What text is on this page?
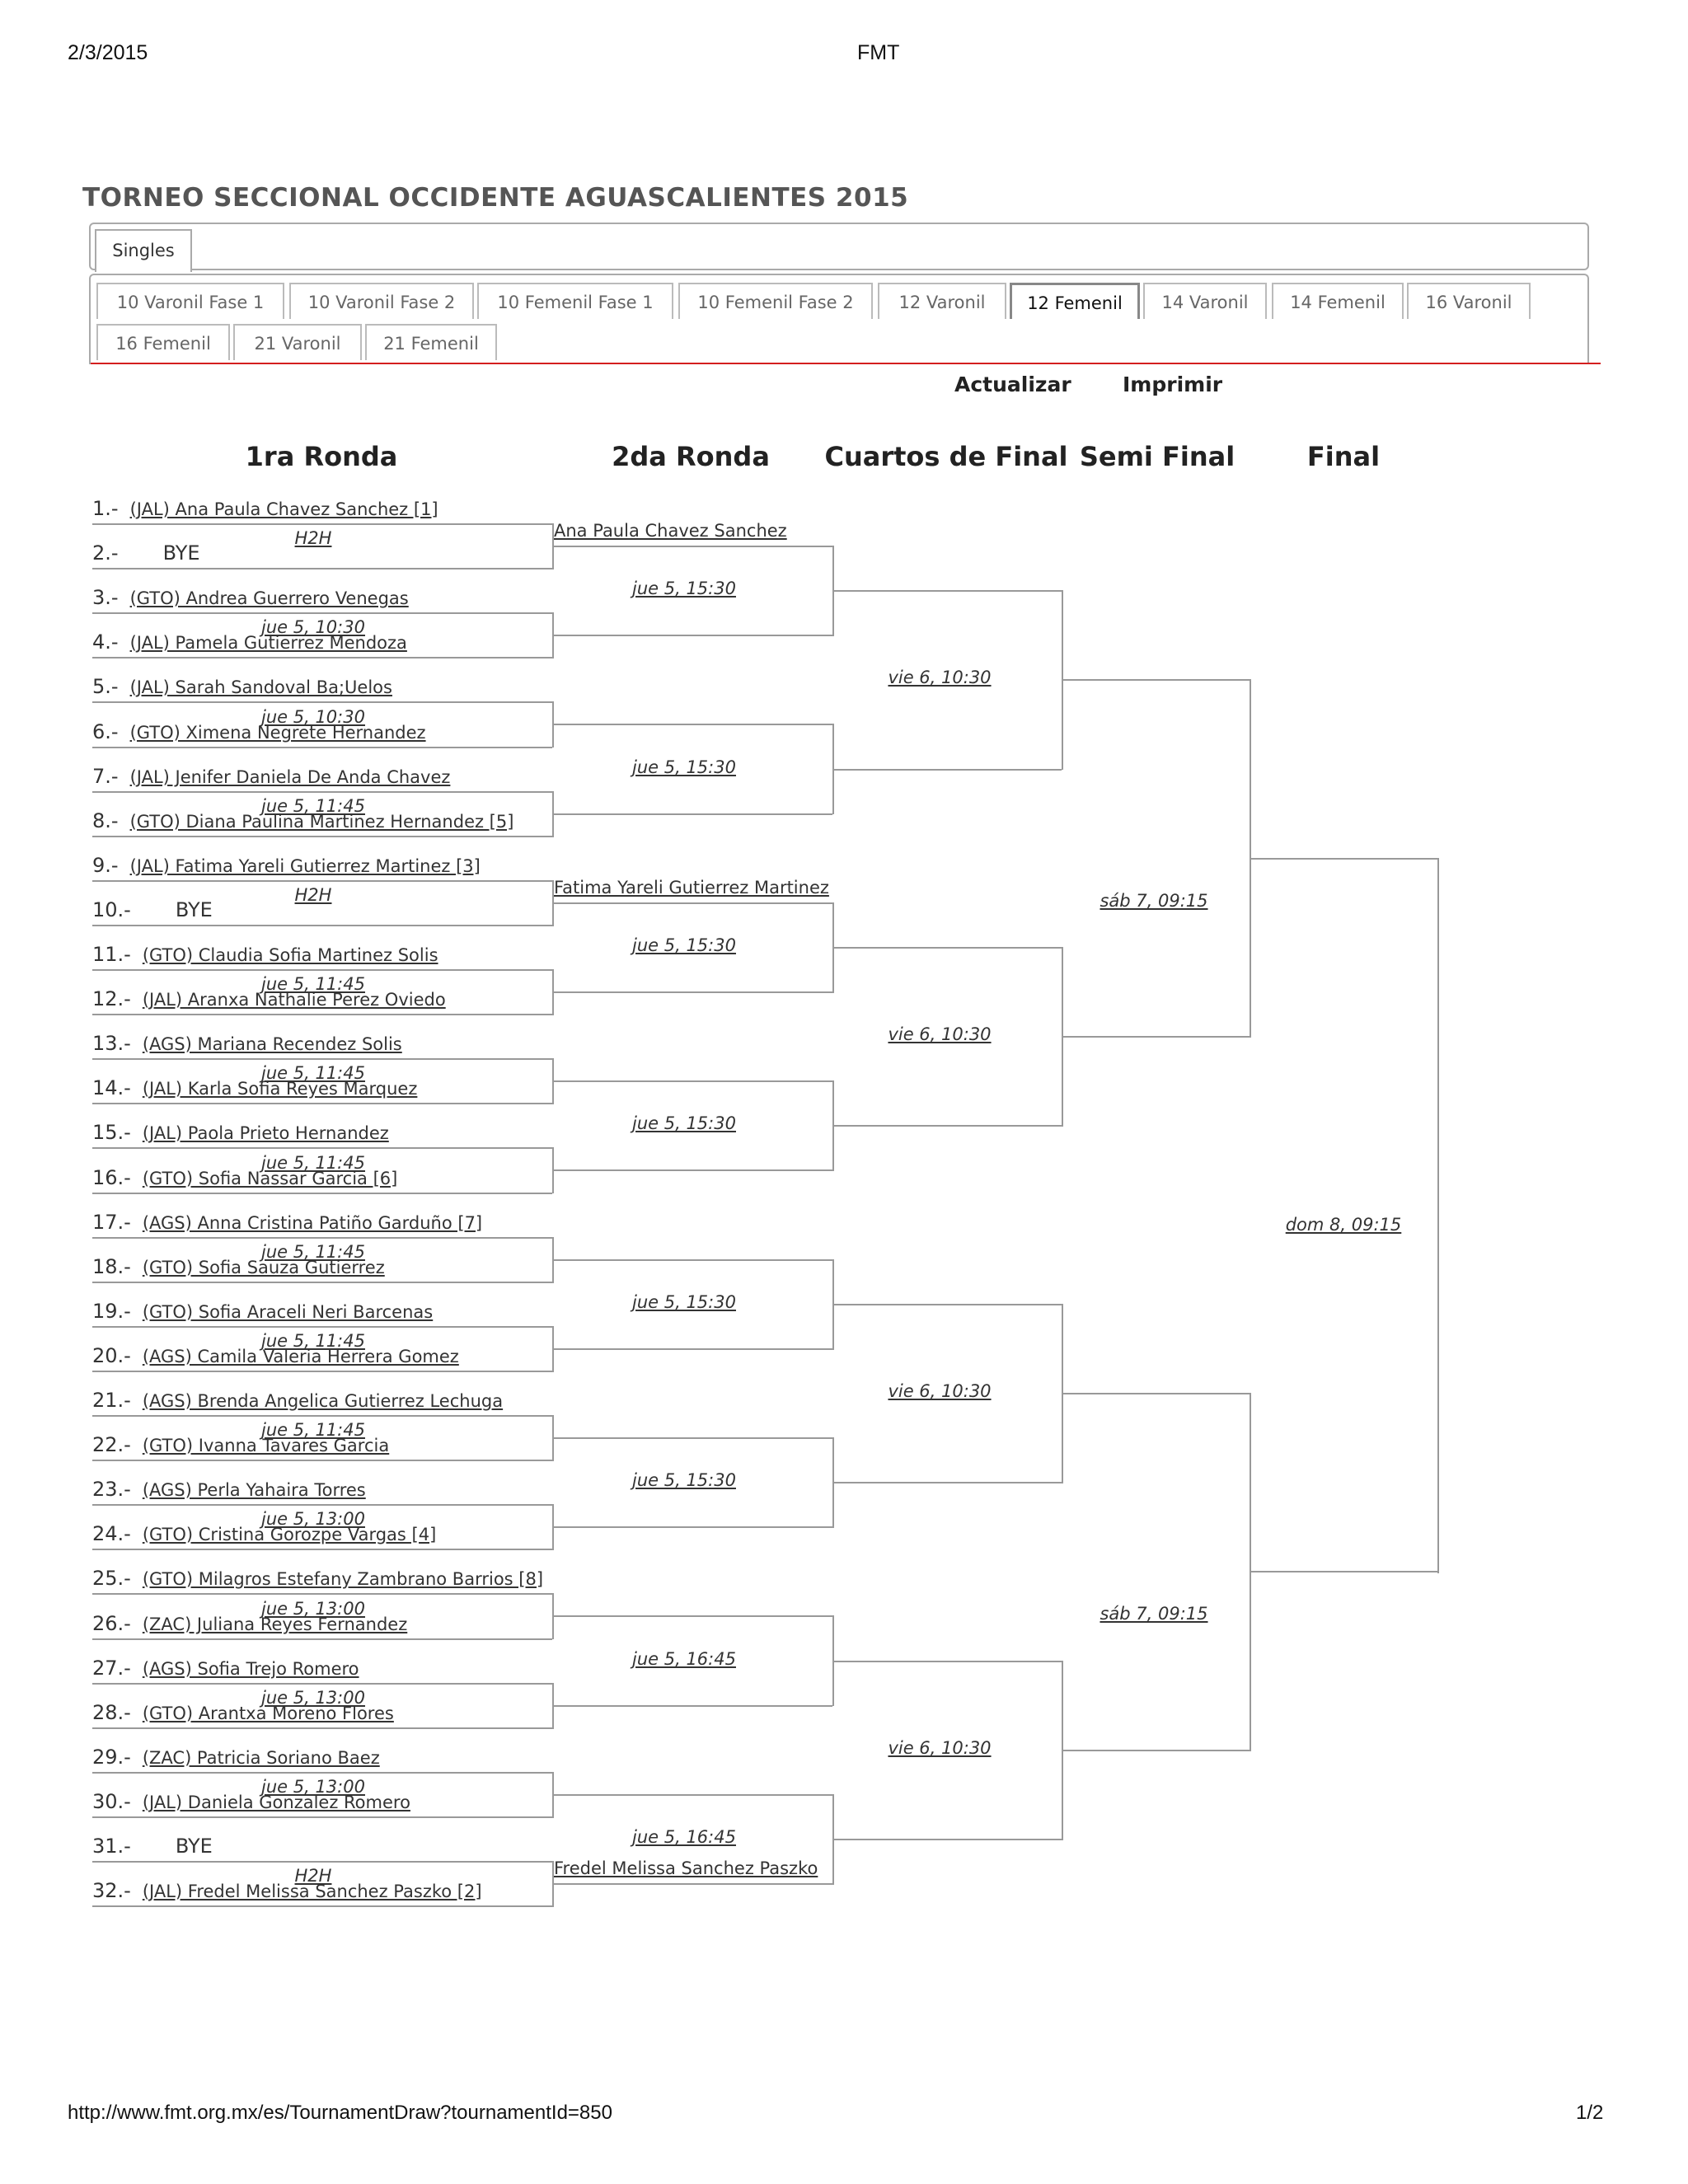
2/3/2015	FMT
TORNEO SECCIONAL OCCIDENTE AGUASCALIENTES 2015
Singles
10 Varonil Fase 1	10 Varonil Fase 2	10 Femenil Fase 1	10 Femenil Fase 2	12 Varonil	12 Femenil	14 Varonil	14 Femenil	16 Varonil
16 Femenil	21 Varonil	21 Femenil
Actualizar Imprimir
1ra Ronda	2da Ronda	Cuartos de Final Semi Final	Final
1.- (JAL) Ana Paula Chavez Sanchez [1]
2.- BYE
3.- (GTO) Andrea Guerrero Venegas
4.- (JAL) Pamela Gutierrez Mendoza
5.- (JAL) Sarah Sandoval Ba;Uelos
6.- (GTO) Ximena Negrete Hernandez
7.- (JAL) Jenifer Daniela De Anda Chavez
8.- (GTO) Diana Paulina Martinez Hernandez [5]
9.- (JAL) Fatima Yareli Gutierrez Martinez [3]
10.- BYE
11.- (GTO) Claudia Sofia Martinez Solis
12.- (JAL) Aranxa Nathalie Perez Oviedo
13.- (AGS) Mariana Recendez Solis
14.- (JAL) Karla Sofia Reyes Marquez
15.- (JAL) Paola Prieto Hernandez
16.- (GTO) Sofia Nassar Garcia [6]
17.- (AGS) Anna Cristina Patiño Garduño [7]
18.- (GTO) Sofia Sauza Gutierrez
19.- (GTO) Sofia Araceli Neri Barcenas
20.- (AGS) Camila Valeria Herrera Gomez
21.- (AGS) Brenda Angelica Gutierrez Lechuga
22.- (GTO) Ivanna Tavares Garcia
23.- (AGS) Perla Yahaira Torres
24.- (GTO) Cristina Gorozpe Vargas [4]
25.- (GTO) Milagros Estefany Zambrano Barrios [8]
26.- (ZAC) Juliana Reyes Fernandez
27.- (AGS) Sofia Trejo Romero
28.- (GTO) Arantxa Moreno Flores
29.- (ZAC) Patricia Soriano Baez
30.- (JAL) Daniela Gonzalez Romero
31.- BYE
32.- (JAL) Fredel Melissa Sanchez Paszko [2]
H2H
jue 5, 10:30
jue 5, 10:30
jue 5, 11:45
H2H
jue 5, 11:45
jue 5, 11:45
jue 5, 11:45
jue 5, 11:45
jue 5, 11:45
jue 5, 11:45
jue 5, 13:00
jue 5, 13:00
jue 5, 13:00
jue 5, 13:00
H2H
Ana Paula Chavez Sanchez
Fatima Yareli Gutierrez Martinez
Fredel Melissa Sanchez Paszko
jue 5, 15:30
jue 5, 15:30
jue 5, 15:30
jue 5, 15:30
jue 5, 15:30
jue 5, 15:30
jue 5, 16:45
jue 5, 16:45
vie 6, 10:30
vie 6, 10:30
vie 6, 10:30
vie 6, 10:30
sáb 7, 09:15
sáb 7, 09:15
dom 8, 09:15
http://www.fmt.org.mx/es/TournamentDraw?tournamentId=850	1/2
